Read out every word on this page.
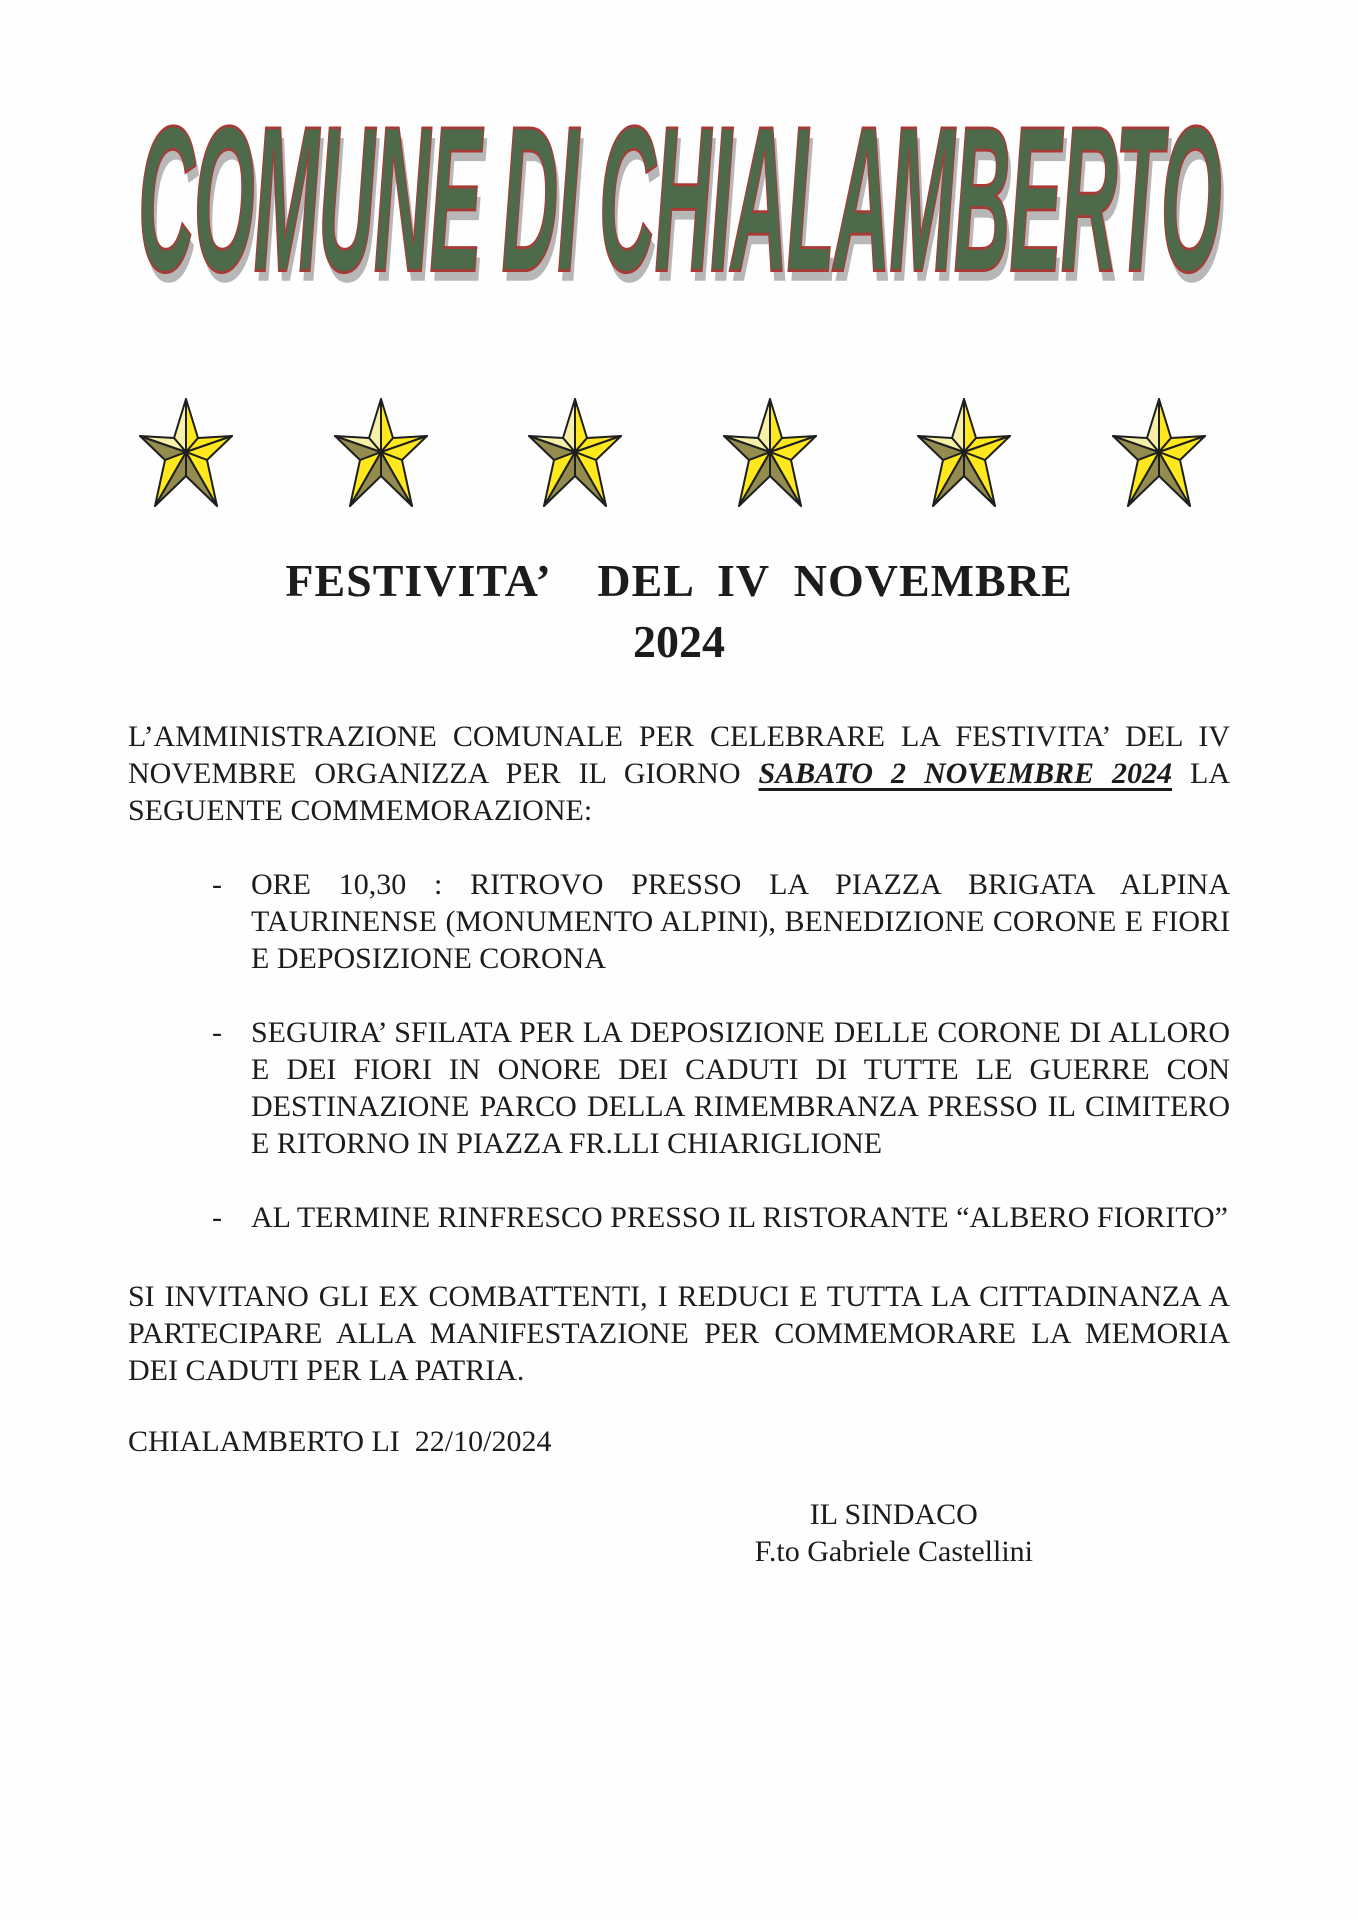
COMUNE DI CHIALAMBERTO
FESTIVITA’  DEL IV NOVEMBRE
2024

L’AMMINISTRAZIONE COMUNALE PER CELEBRARE LA FESTIVITA’ DEL IV NOVEMBRE ORGANIZZA PER IL GIORNO SABATO 2 NOVEMBRE 2024 LA SEGUENTE COMMEMORAZIONE:

- ORE 10,30 : RITROVO PRESSO LA PIAZZA BRIGATA ALPINA TAURINENSE (MONUMENTO ALPINI), BENEDIZIONE CORONE E FIORI E DEPOSIZIONE CORONA
- SEGUIRA’ SFILATA PER LA DEPOSIZIONE DELLE CORONE DI ALLORO E DEI FIORI IN ONORE DEI CADUTI DI TUTTE LE GUERRE CON DESTINAZIONE PARCO DELLA RIMEMBRANZA PRESSO IL CIMITERO E RITORNO IN PIAZZA FR.LLI CHIARIGLIONE
- AL TERMINE RINFRESCO PRESSO IL RISTORANTE “ALBERO FIORITO”

SI INVITANO GLI EX COMBATTENTI, I REDUCI E TUTTA LA CITTADINANZA A PARTECIPARE ALLA MANIFESTAZIONE PER COMMEMORARE LA MEMORIA DEI CADUTI PER LA PATRIA.

CHIALAMBERTO LI  22/10/2024
IL SINDACO
F.to Gabriele Castellini
